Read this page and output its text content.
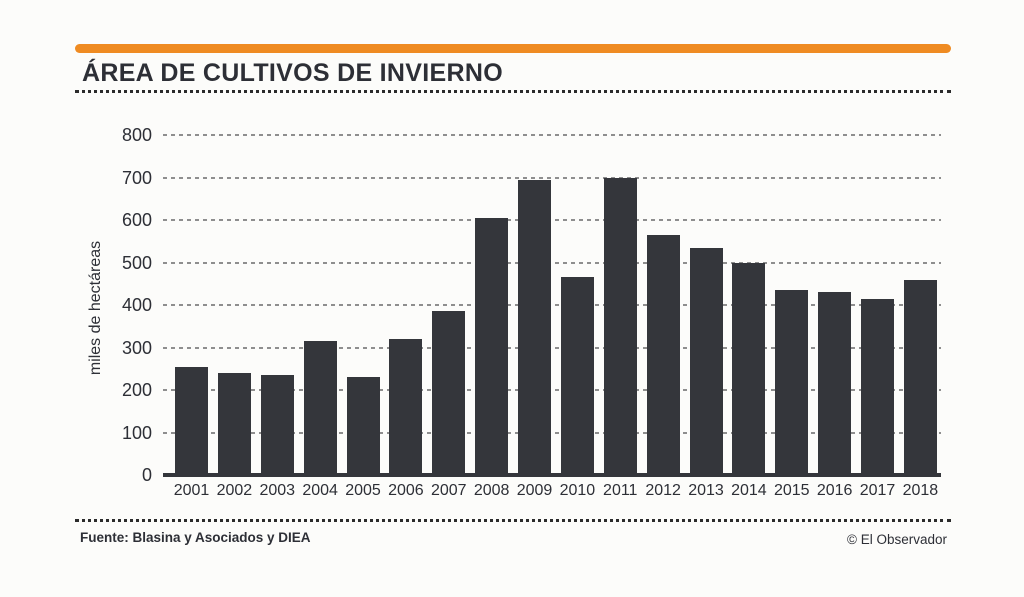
ÁREA DE CULTIVOS DE INVIERNO
miles de hectáreas
0
100
200
300
400
500
600
700
800
2001 2002 2003 2004 2005 2006 2007 2008 2009 2010 2011 2012 2013 2014 2015 2016 2017 2018
Fuente: Blasina y Asociados y DIEA	© El Observador
